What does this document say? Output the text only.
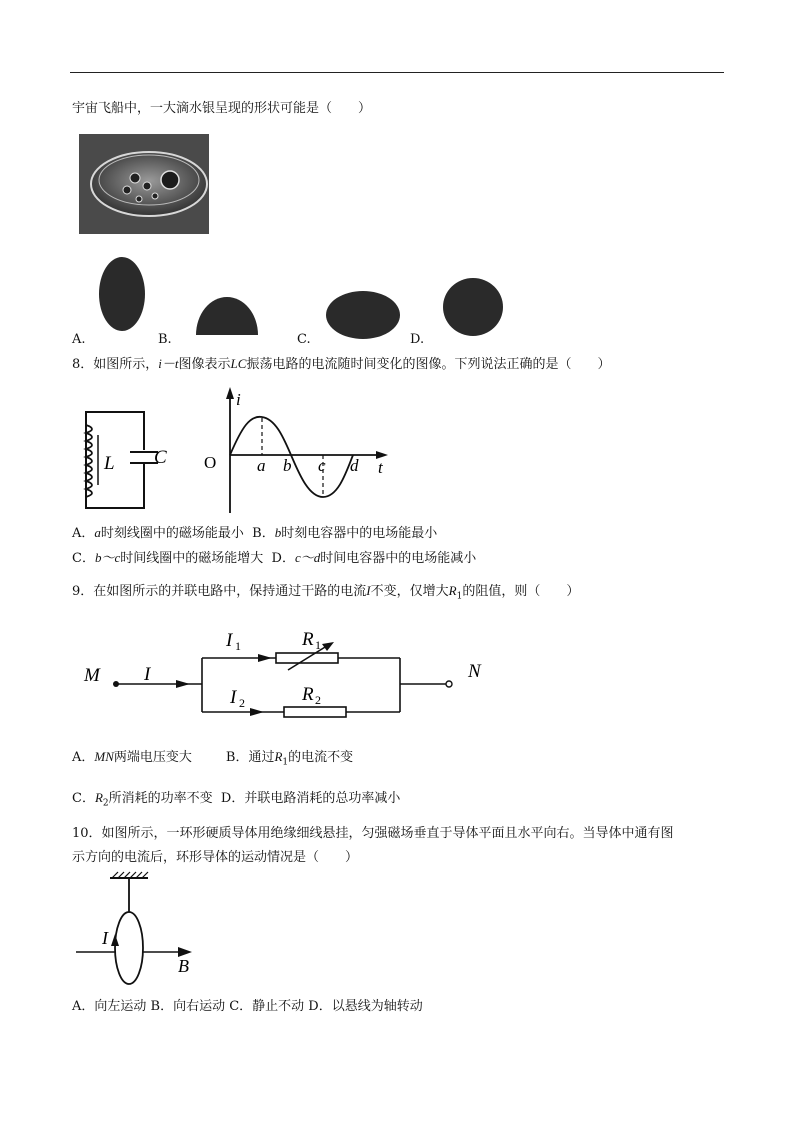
宇宙飞船中，一大滴水银呈现的形状可能是（　　）
A.	B.	C.	D.
8．如图所示，i－t图像表示LC振荡电路的电流随时间变化的图像。下列说法正确的是（　　）
L C
i
O a b c d t
A．a时刻线圈中的磁场能最小 B．b时刻电容器中的电场能最小
C．b～c时间线圈中的磁场能增大 D．c～d时间电容器中的电场能减小
9．在如图所示的并联电路中，保持通过干路的电流I不变，仅增大$R_1$的阻值，则（　　）
M	N
I
I 1	R 1
I 2	R 2
A．MN两端电压变大	B．通过$R_1$的电流不变
C．$R_2$所消耗的功率不变 D．并联电路消耗的总功率减小
10．如图所示，一环形硬质导体用绝缘细线悬挂，匀强磁场垂直于导体平面且水平向右。当导体中通有图
示方向的电流后，环形导体的运动情况是（　　）
I
B
A．向左运动 B．向右运动 C．静止不动 D．以悬线为轴转动
